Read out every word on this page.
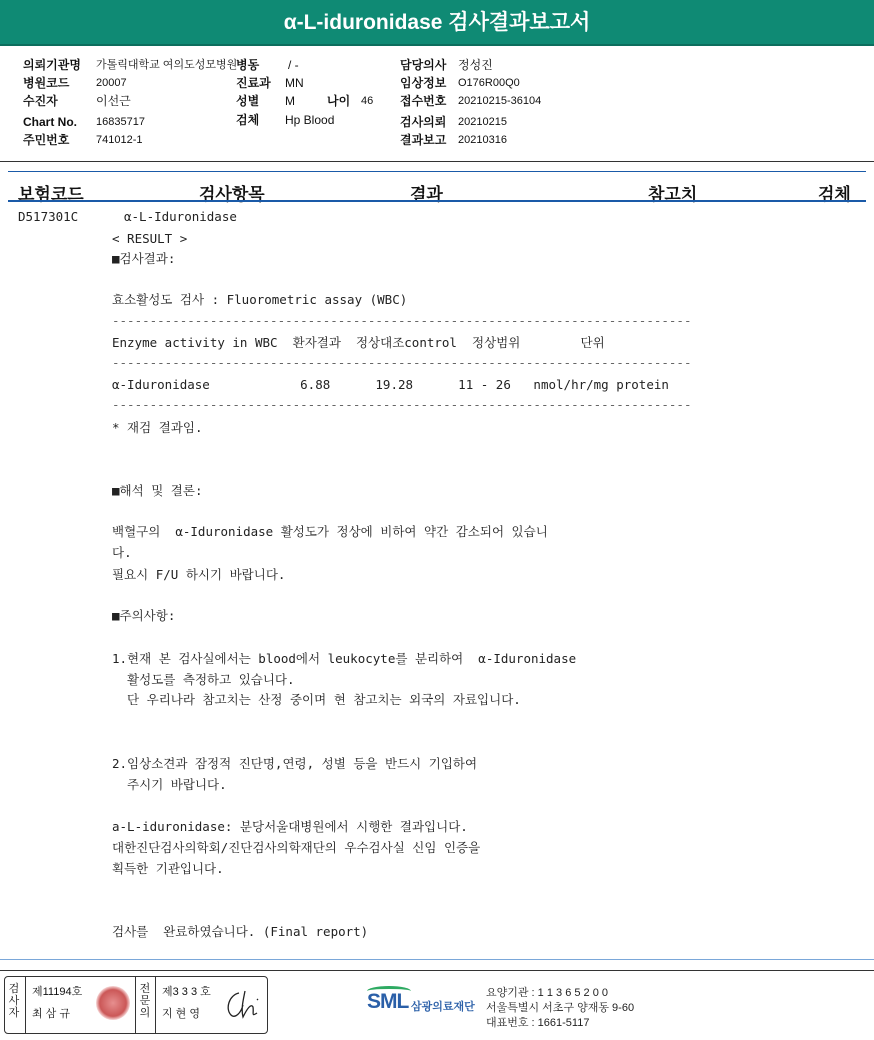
α-L-iduronidase 검사결과보고서
의뢰기관명 가톨릭대학교 여의도성모병원
병동 / -	담당의사 정성진
병원코드 20007	진료과 MN	임상정보 O176R00Q0
수진자	이선근	성별 M	나이 46 접수번호 20210215-36104
Chart No. 16835717	검체 Hp Blood	검사의뢰 20210215
주민번호 741012-1	결과보고 20210316
보험코드	검사항목	결과	참고치	검체
D517301C	α-L-Iduronidase
< RESULT >
■검사결과:
효소활성도 검사 : Fluorometric assay (WBC)
-----------------------------------------------------------------------------
Enzyme activity in WBC  환자결과  정상대조control  정상범위        단위
-----------------------------------------------------------------------------
α-Iduronidase            6.88      19.28      11 - 26   nmol/hr/mg protein
-----------------------------------------------------------------------------
* 재검 결과임.
■해석 및 결론:
백혈구의  α-Iduronidase 활성도가 정상에 비하여 약간 감소되어 있습니
다.
필요시 F/U 하시기 바랍니다.
■주의사항:
1.현재 본 검사실에서는 blood에서 leukocyte를 분리하여  α-Iduronidase
활성도를 측정하고 있습니다.
단 우리나라 참고치는 산정 중이며 현 참고치는 외국의 자료입니다.
2.임상소견과 잠정적 진단명,연령, 성별 등을 반드시 기입하여
주시기 바랍니다.
a-L-iduronidase: 분당서울대병원에서 시행한 결과입니다.
대한진단검사의학회/진단검사의학재단의 우수검사실 신임 인증을
획득한 기관입니다.
검사를  완료하였습니다. (Final report)
검
사
자
제11194호
최 삼 규
전
문
의
제3 3 3 호
지 현 영
SML 삼광의료재단
요양기관 : 1 1 3 6 5 2 0 0
서울특별시 서초구 양재동 9-60
대표번호 : 1661-5117
